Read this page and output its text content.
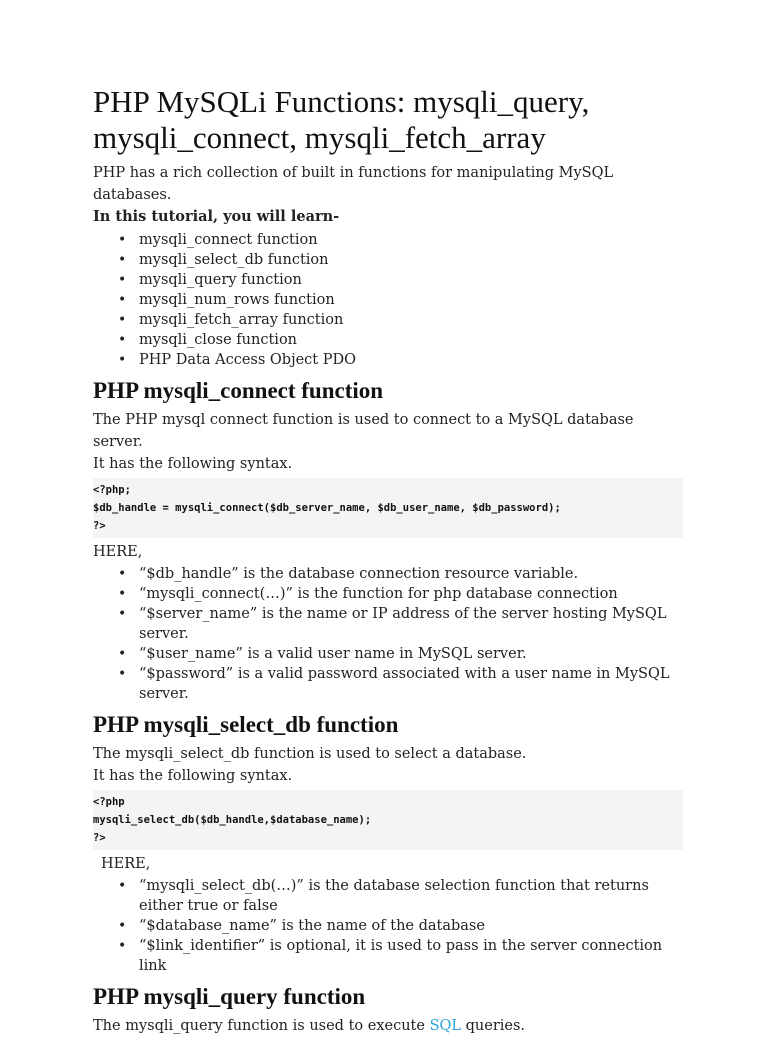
PHP MySQLi Functions: mysqli_query, mysqli_connect, mysqli_fetch_array

PHP has a rich collection of built in functions for manipulating MySQL databases.

In this tutorial, you will learn-

• mysqli_connect function
• mysqli_select_db function
• mysqli_query function
• mysqli_num_rows function
• mysqli_fetch_array function
• mysqli_close function
• PHP Data Access Object PDO
PHP mysqli_connect function

The PHP mysql connect function is used to connect to a MySQL database server.

It has the following syntax.

<?php;
$db_handle = mysqli_connect($db_server_name, $db_user_name, $db_password);
?>
HERE,
• “$db_handle” is the database connection resource variable.
• “mysqli_connect(…)” is the function for php database connection
• “$server_name” is the name or IP address of the server hosting MySQL server.
• “$user_name” is a valid user name in MySQL server.
• “$password” is a valid password associated with a user name in MySQL server.
PHP mysqli_select_db function

The mysqli_select_db function is used to select a database.

It has the following syntax.

<?php
mysqli_select_db($db_handle,$database_name);
?>
HERE,
• “mysqli_select_db(…)” is the database selection function that returns either true or false
• “$database_name” is the name of the database
• “$link_identifier” is optional, it is used to pass in the server connection link
PHP mysqli_query function

The mysqli_query function is used to execute SQL queries.
